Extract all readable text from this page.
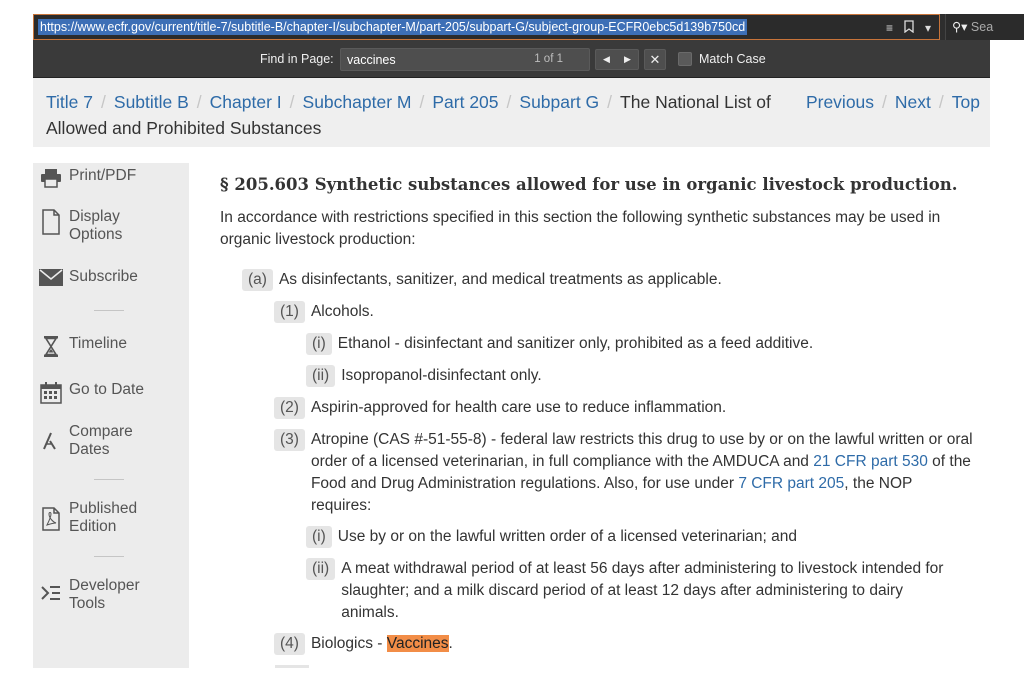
https://www.ecfr.gov/current/title-7/subtitle-B/chapter-I/subchapter-M/part-205/subpart-G/subject-group-ECFR0ebc5d139b750cd	≡	▾	⚲▾ Sea
Find in Page: vaccines	1 of 1	◀	▶	✕	Match Case
Title 7 / Subtitle B / Chapter I / Subchapter M / Part 205 / Subpart G / The National List of Allowed and Prohibited Substances
Previous / Next / Top
Print/PDF
Display Options
Subscribe
Timeline
Go to Date
Compare Dates
Published Edition
Developer Tools
§ 205.603 Synthetic substances allowed for use in organic livestock production.
In accordance with restrictions specified in this section the following synthetic substances may be used in organic livestock production:
(a) As disinfectants, sanitizer, and medical treatments as applicable.
(1) Alcohols.
(i) Ethanol - disinfectant and sanitizer only, prohibited as a feed additive.
(ii) Isopropanol-disinfectant only.
(2) Aspirin-approved for health care use to reduce inflammation.
(3) Atropine (CAS #-51-55-8) - federal law restricts this drug to use by or on the lawful written or oral order of a licensed veterinarian, in full compliance with the AMDUCA and 21 CFR part 530 of the Food and Drug Administration regulations. Also, for use under 7 CFR part 205, the NOP requires:
(i) Use by or on the lawful written order of a licensed veterinarian; and
(ii) A meat withdrawal period of at least 56 days after administering to livestock intended for slaughter; and a milk discard period of at least 12 days after administering to dairy animals.
(4) Biologics - Vaccines.
